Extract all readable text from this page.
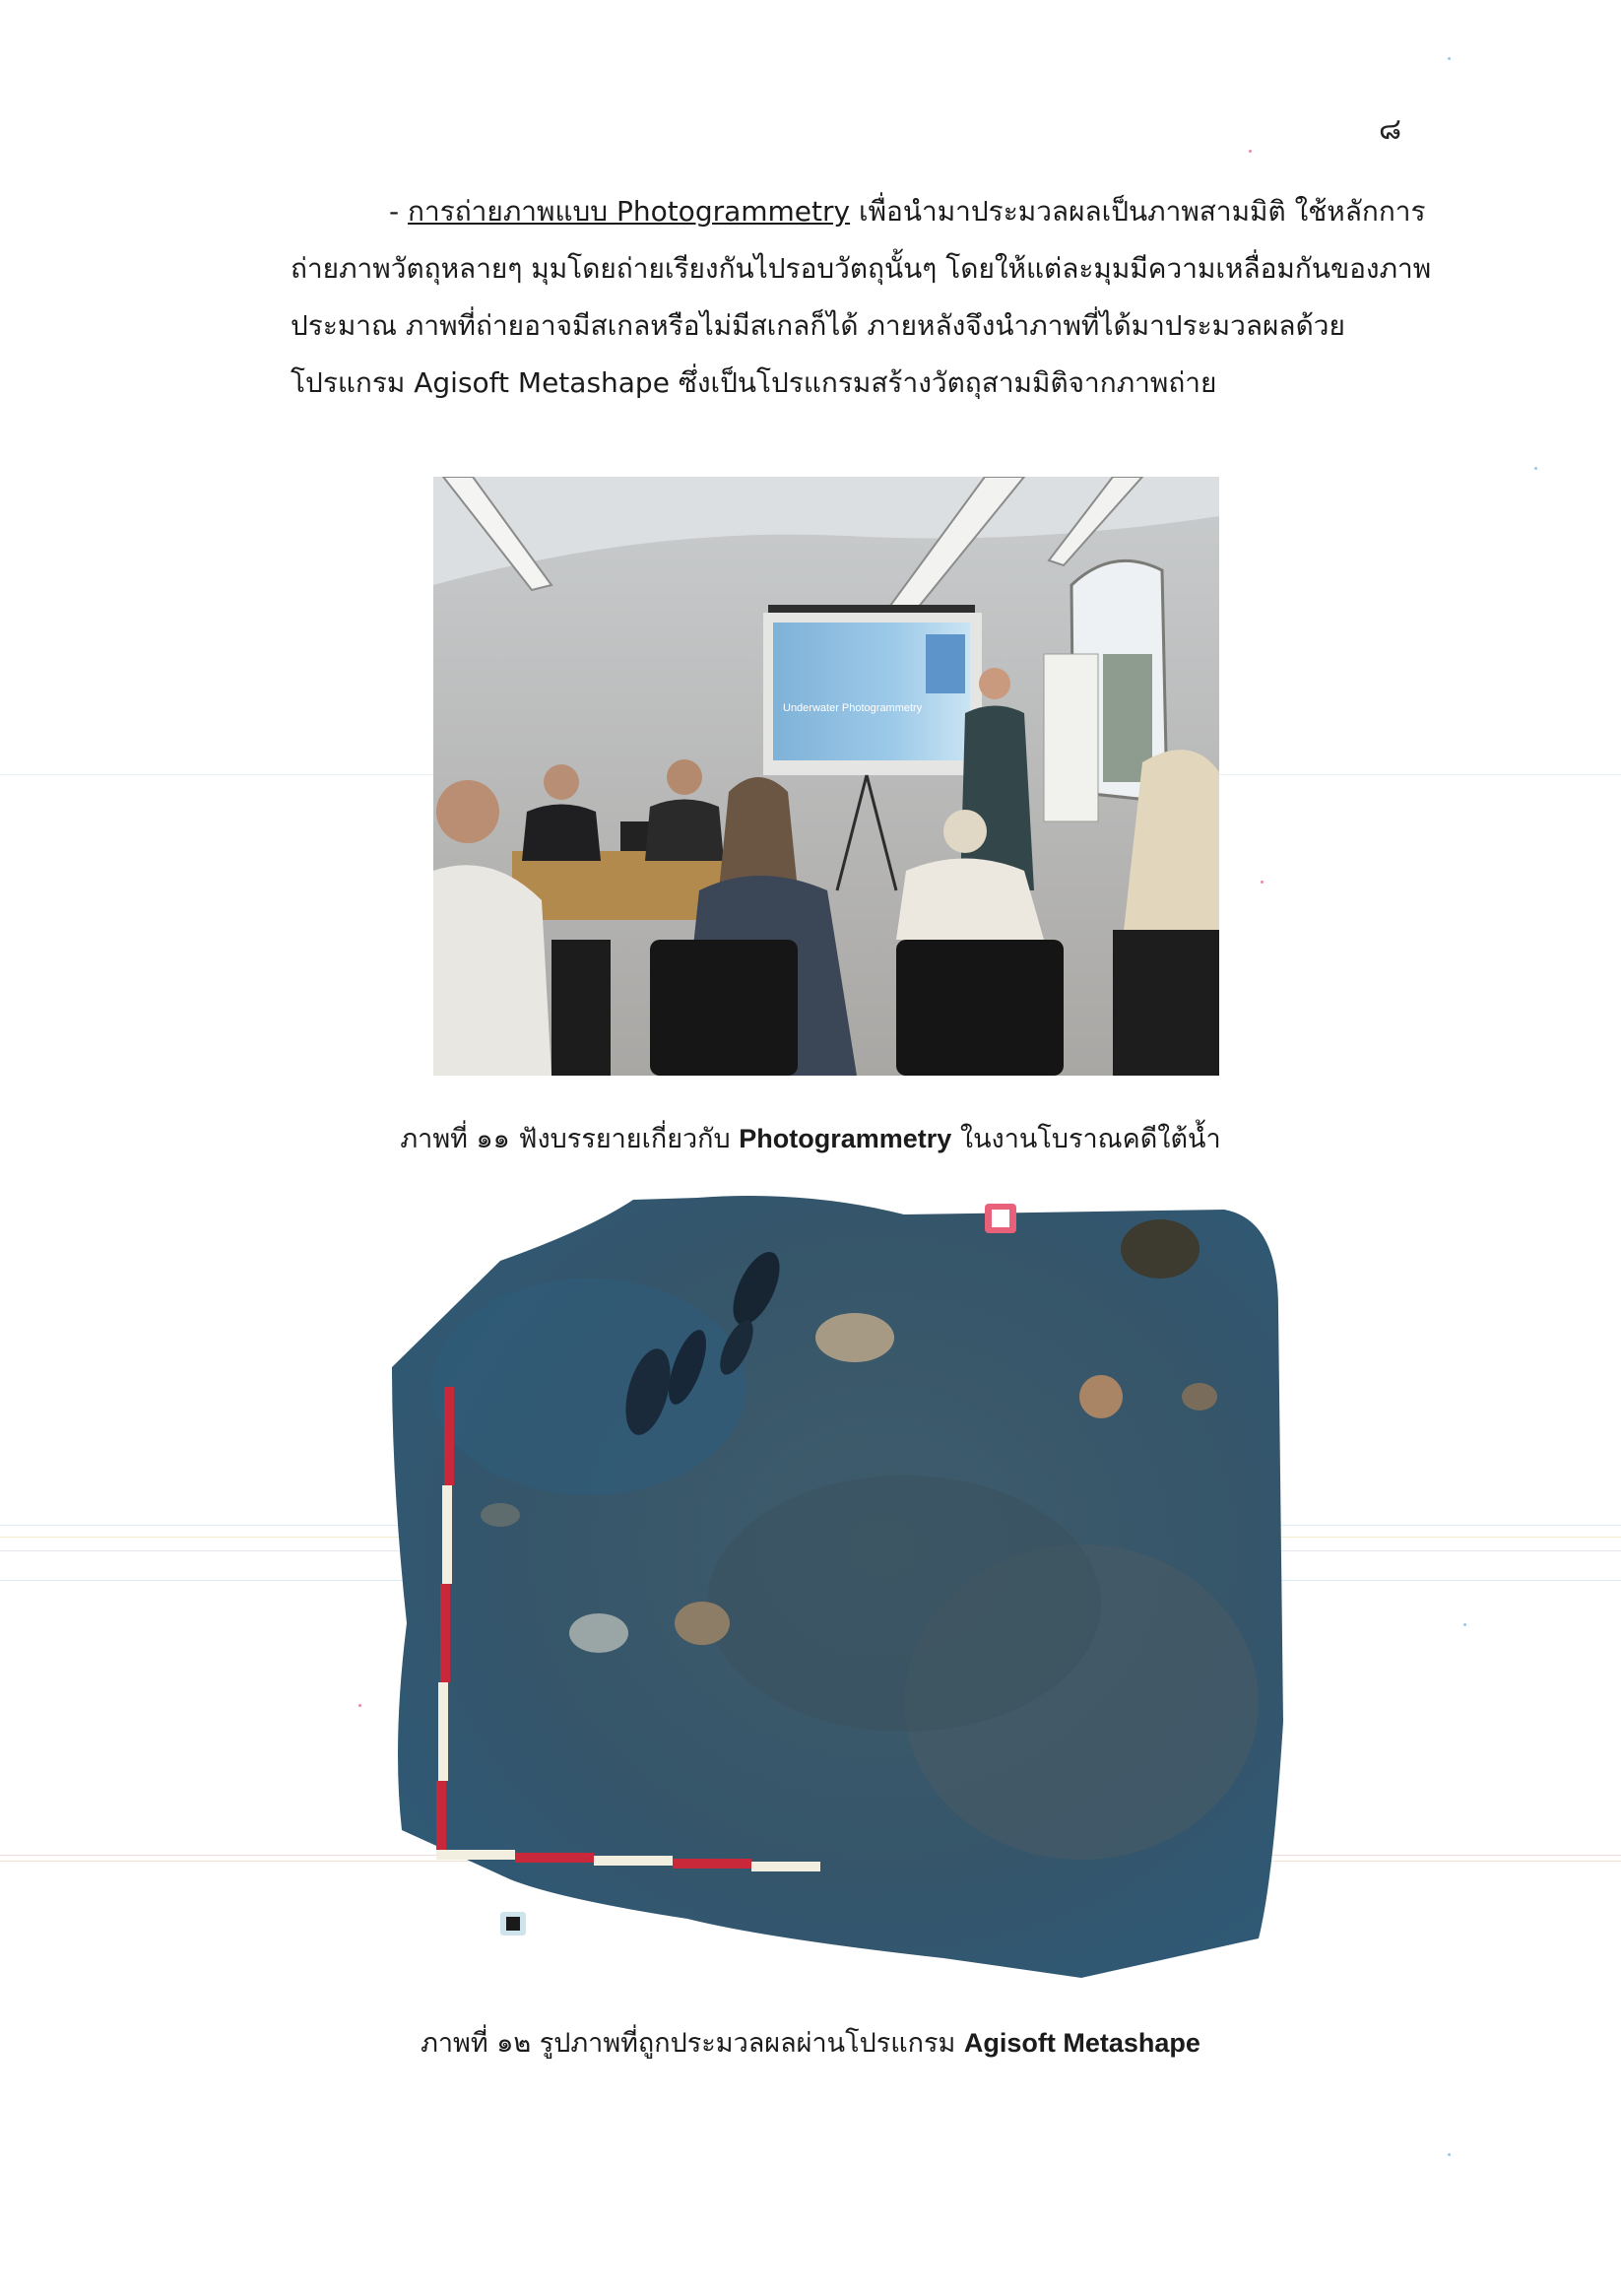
๘

- การถ่ายภาพแบบ Photogrammetry เพื่อนำมาประมวลผลเป็นภาพสามมิติ ใช้หลักการ
ถ่ายภาพวัตถุหลายๆ มุมโดยถ่ายเรียงกันไปรอบวัตถุนั้นๆ โดยให้แต่ละมุมมีความเหลื่อมกันของภาพ
ประมาณ ภาพที่ถ่ายอาจมีสเกลหรือไม่มีสเกลก็ได้ ภายหลังจึงนำภาพที่ได้มาประมวลผลด้วย
โปรแกรม Agisoft Metashape ซึ่งเป็นโปรแกรมสร้างวัตถุสามมิติจากภาพถ่าย

Underwater Photogrammetry

ภาพที่ ๑๑ ฟังบรรยายเกี่ยวกับ Photogrammetry ในงานโบราณคดีใต้น้ำ

ภาพที่ ๑๒ รูปภาพที่ถูกประมวลผลผ่านโปรแกรม Agisoft Metashape
